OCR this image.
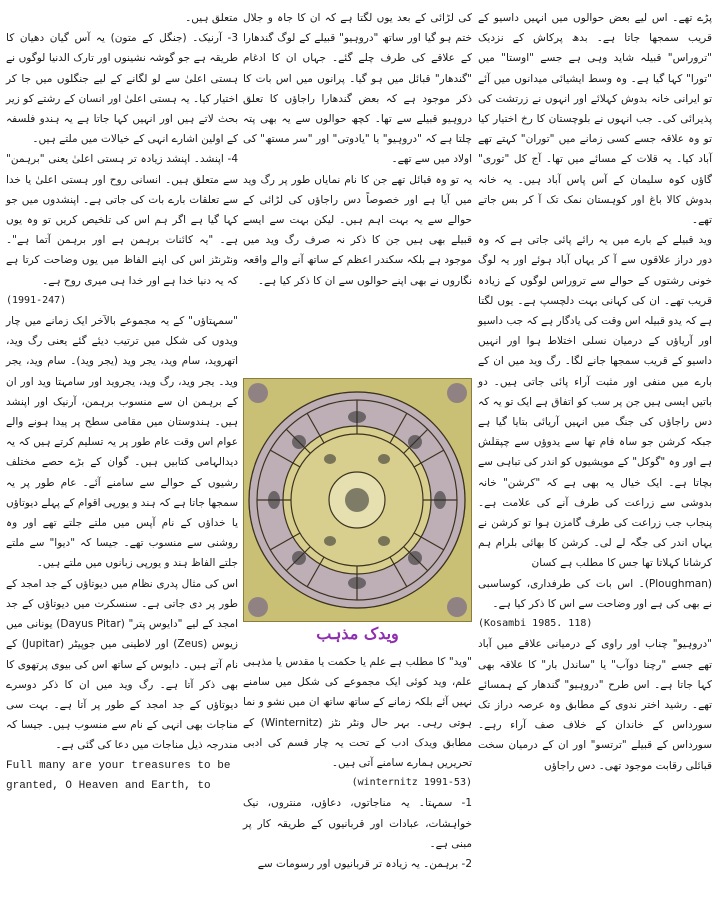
پڑے تھے۔ اس لیے بعض حوالوں میں انہیں داسیو کے قریب سمجھا جاتا ہے۔ بدھ پرکاش کے نزدیک "تروراس" قبیلہ شاید وہی ہے جسے "اوستا" میں "تورا" کہا گیا ہے۔ وہ وسط ایشیائی میدانوں میں آئے تو ایرانی خانہ بدوش کہلائے اور انہوں نے زرتشت کی پذیرائی کی۔ جب انہوں نے بلوچستان کا رخ اختیار کیا تو وہ علاقہ جسے کسی زمانے میں "توران" کہتے تھے آباد کیا۔ یہ قلات کے مسائے میں تھا۔ آج کل "توری" گاؤں کوہ سلیمان کے آس پاس آباد ہیں۔ یہ خانہ بدوش کالا باغ اور کوہستان نمک تک آ کر بس جاتے تھے۔

وید قبیلے کے بارے میں یہ رائے پائی جاتی ہے کہ وہ دور دراز علاقوں سے آ کر یہاں آباد ہوئے اور یہ لوگ خونی رشتوں کے حوالے سے تروراس لوگوں کے زیادہ قریب تھے۔ ان کی کہانی بہت دلچسپ ہے۔ یوں لگتا ہے کہ یدو قبیلہ اس وقت کی یادگار ہے کہ جب داسیو اور آریاؤں کے درمیان نسلی اختلاط ہوا اور انہیں داسیو کے قریب سمجھا جانے لگا۔ رگ وید میں ان کے بارے میں منفی اور مثبت آراء پائی جاتی ہیں۔ دو باتیں ایسی ہیں جن پر سب کو اتفاق ہے ایک تو یہ کہ دس راجاؤں کی جنگ میں انہیں آریائی بتایا گیا ہے جبکہ کرشن جو ساہ فام تھا سے یدوؤں سے چپقلش ہے اور وہ "گوکل" کے مویشیوں کو اندر کی تباہی سے بچاتا ہے۔ ایک خیال یہ بھی ہے کہ "کرشن" خانہ بدوشی سے زراعت کی طرف آنے کی علامت ہے۔ پنجاب جب زراعت کی طرف گامزن ہوا تو کرشن نے یہاں اندر کی جگہ لے لی۔ کرشن کا بھائی بلرام ہم کرشانا کہلاتا تھا جس کا مطلب ہے کسان

(Ploughman)۔ اس بات کی طرفداری، کوساسبی نے بھی کی ہے اور وضاحت سے اس کا ذکر کیا ہے۔

(Kosambi 1985. 118)

"دروہیو" چناب اور راوی کے درمیانی علاقے میں آباد تھے جسے "رچنا دوآب" یا "ساندل بار" کا علاقہ بھی کہا جاتا ہے۔ اس طرح "دروہیو" گندھار کے ہمسائے تھے۔ رشید اختر ندوی کے مطابق وہ عرصہ دراز تک سورداس کے خاندان کے خلاف صف آراء رہے۔ سورداس کے قبیلے "ترتسو" اور ان کے درمیان سخت قبائلی رقابت موجود تھی۔ دس راجاؤں

کی لڑائی کے بعد یوں لگتا ہے کہ ان کا جاہ و جلال ختم ہو گیا اور ساتھ "دروہیو" قبیلے کے لوگ گندھارا کے علاقے کی طرف چلے گئے۔ جہاں ان کا ادغام "گندھار" قبائل میں ہو گیا۔ پرانوں میں اس بات کا ذکر موجود ہے کہ بعض گندھارا راجاؤں کا تعلق دروہیو قبیلے سے تھا۔ کچھ حوالوں سے یہ بھی پتہ چلتا ہے کہ "دروہیو" یا "یادوتی" اور "سر مستھ" کی اولاد میں سے تھے۔

یہ تو وہ قبائل تھے جن کا نام نمایاں طور پر رگ وید میں آیا ہے اور خصوصاً دس راجاؤں کی لڑائی کے حوالے سے یہ بہت اہم ہیں۔ لیکن بہت سے ایسے قبیلے بھی ہیں جن کا ذکر نہ صرف رگ وید میں موجود ہے بلکہ سکندر اعظم کے ساتھ آنے والے واقعہ نگاروں نے بھی اپنے حوالوں سے ان کا ذکر کیا ہے۔

ویدک مذہب

"وید" کا مطلب ہے علم یا حکمت یا مقدس یا مذہبی علم، وید کوئی ایک مجموعے کی شکل میں سامنے نہیں آئے بلکہ زمانے کے ساتھ ساتھ ان میں نشو و نما ہوتی رہی۔ بہر حال ونٹر نٹز (Winternitz) کے مطابق ویدک ادب کے تحت یہ چار قسم کی ادبی تحریریں ہمارے سامنے آتی ہیں۔

(winternitz 1991-53)

1- سمہتا۔ یہ مناجاتوں، دعاؤں، منتروں، نیک خواہشات، عبادات اور قربانیوں کے طریقہ کار پر مبنی ہے۔

2- برہمن۔ یہ زیادہ تر قربانیوں اور رسومات سے

متعلق ہیں۔

3- آرنیک۔ (جنگل کے متون) یہ آس گیان دھیان کا طریقہ ہے جو گوشہ نشینوں اور تارک الدنیا لوگوں نے ہستی اعلیٰ سے لو لگانے کے لیے جنگلوں میں جا کر اختیار کیا۔ یہ ہستی اعلیٰ اور انسان کے رشتے کو زیر بحث لاتے ہیں اور انہیں کہا جاتا ہے یہ ہندو فلسفہ کے اولین اشارے انہی کے خیالات میں ملتے ہیں۔

4- اپنشد۔ اپنشد زیادہ تر ہستی اعلیٰ یعنی "برہمن" سے متعلق ہیں۔ انسانی روح اور ہستی اعلیٰ یا خدا سے تعلقات بارے بات کی جاتی ہے۔ اپنشدوں میں جو کہا گیا ہے اگر ہم اس کی تلخیص کریں تو وہ یوں ہے۔ "یہ کائنات برہمن ہے اور برہمن آتما ہے"۔ ونٹرنٹز اس کی اپنے الفاظ میں یوں وضاحت کرتا ہے کہ یہ دنیا خدا ہے اور خدا ہی میری روح ہے۔

(1991-247)

"سمہتاؤں" کے یہ مجموعے بالآخر ایک زمانے میں چار ویدوں کی شکل میں ترتیب دیئے گئے یعنی رگ وید، اتھروید، سام وید، یجر وید (یجر وید)۔ سام وید، یجر وید۔ یجر وید، رگ وید، یجروید اور سامہتا وید اور ان کے برہمن ان سے منسوب برہمن، آرنیک اور اپنشد ہیں۔ ہندوستان میں مقامی سطح پر پیدا ہونے والے عوام اس وقت عام طور پر یہ تسلیم کرتے ہیں کہ یہ دیدالہامی کتابیں ہیں۔ گوان کے بڑے حصے مختلف رشیوں کے حوالے سے سامنے آئے۔ عام طور پر یہ سمجھا جاتا ہے کہ ہند و یورپی اقوام کے پہلے دیوتاؤں یا خداؤں کے نام آپس میں ملتے جلتے تھے اور وہ روشنی سے منسوب تھے۔ جیسا کہ "دیوا" سے ملتے جلتے الفاظ ہند و یورپی زبانوں میں ملتے ہیں۔

اس کی مثال پدری نظام میں دیوتاؤں کے جد امجد کے طور پر دی جاتی ہے۔ سنسکرت میں دیوتاؤں کے جد امجد کے لیے "دایوس پتر" (Dayus Pitar) یونانی میں زیوس (Zeus) اور لاطینی میں جوپیٹر (Jupitar) کے نام آتے ہیں۔ دایوس کے ساتھ اس کی بیوی پرتھوی کا بھی ذکر آتا ہے۔ رگ وید میں ان کا ذکر دوسرے دیوتاؤں کے جد امجد کے طور پر آتا ہے۔ بہت سی مناجات بھی انہی کے نام سے منسوب ہیں۔ جیسا کہ مندرجہ ذیل مناجات میں دعا کی گئی ہے۔

Full many are your treasures to be granted, O Heaven and Earth, to
